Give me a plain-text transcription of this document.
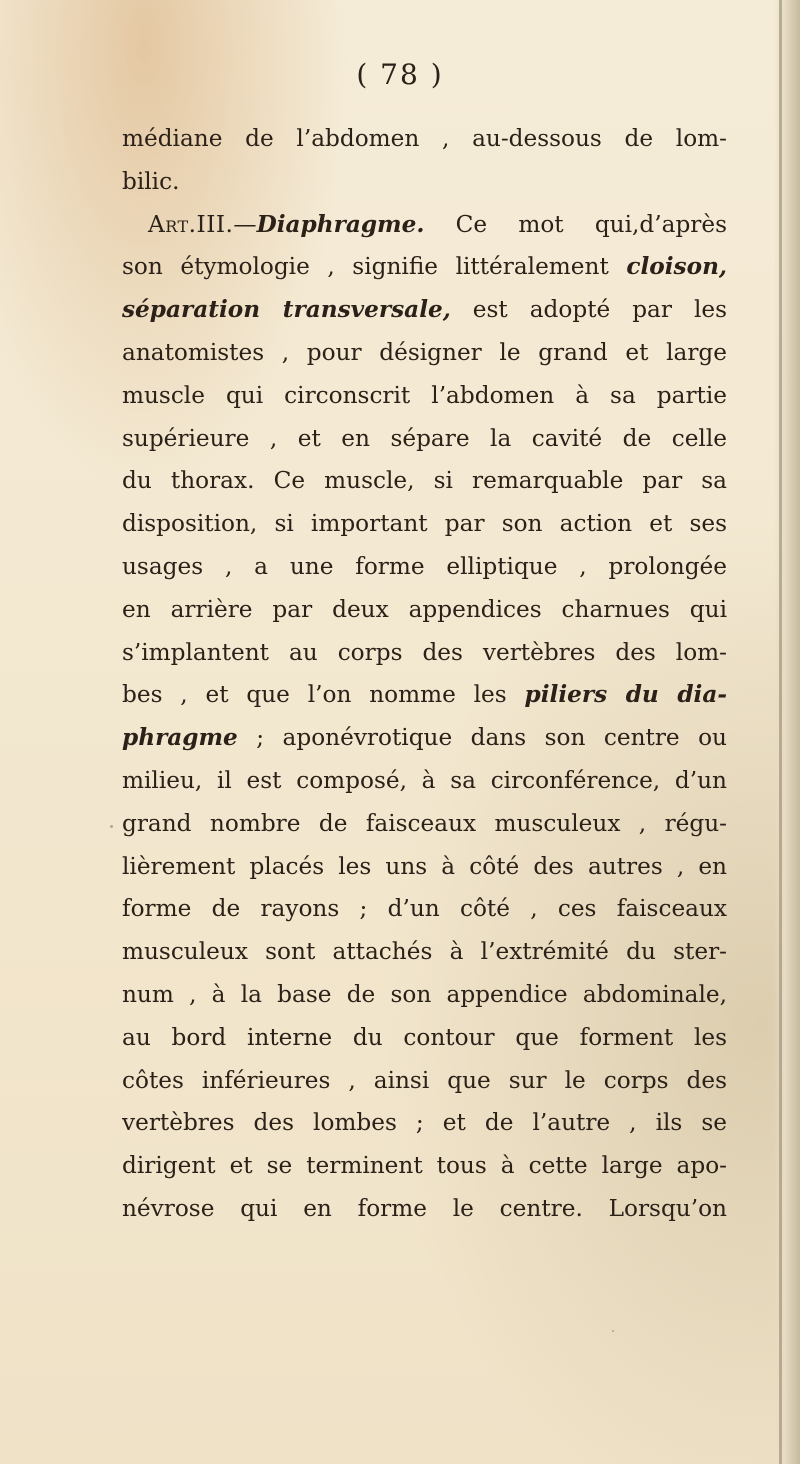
( 78 )
médiane de l’abdomen , au-dessous de lom-
bilic.
Art.III.—Diaphragme. Ce mot qui,d’après
son étymologie , signifie littéralement cloison,
séparation transversale, est adopté par les
anatomistes , pour désigner le grand et large
muscle qui circonscrit l’abdomen à sa partie
supérieure , et en sépare la cavité de celle
du thorax. Ce muscle, si remarquable par sa
disposition, si important par son action et ses
usages , a une forme elliptique , prolongée
en arrière par deux appendices charnues qui
s’implantent au corps des vertèbres des lom-
bes , et que l’on nomme les piliers du dia-
phragme ; aponévrotique dans son centre ou
milieu, il est composé, à sa circonférence, d’un
grand nombre de faisceaux musculeux , régu-
lièrement placés les uns à côté des autres , en
forme de rayons ; d’un côté , ces faisceaux
musculeux sont attachés à l’extrémité du ster-
num , à la base de son appendice abdominale,
au bord interne du contour que forment les
côtes inférieures , ainsi que sur le corps des
vertèbres des lombes ; et de l’autre , ils se
dirigent et se terminent tous à cette large apo-
névrose qui en forme le centre. Lorsqu’on
